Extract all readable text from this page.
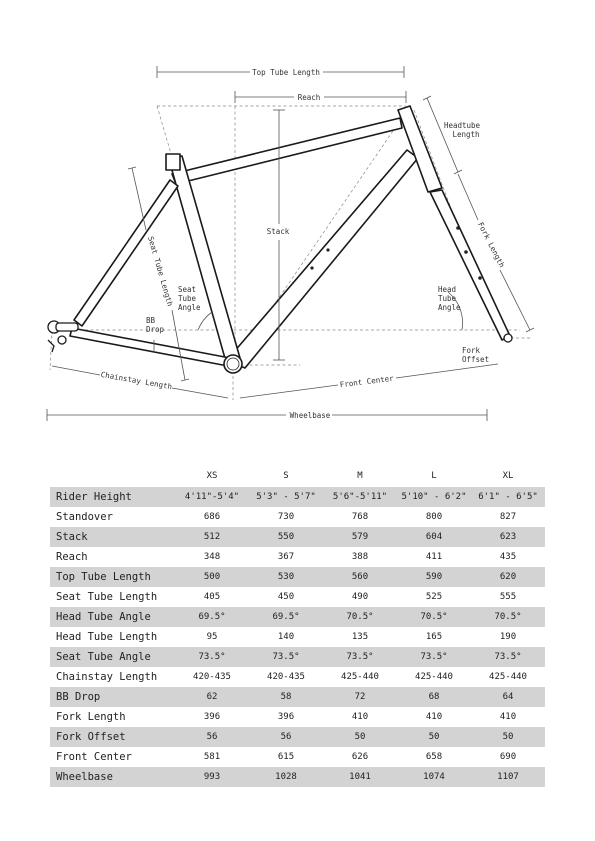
Top Tube Length
Reach
Stack
Headtube
Length
Fork Length
Seat Tube Length Seat
Tube
Angle
Head
Tube
Angle
BB
Drop
Fork
Offset
Chainstay Length	Front Center
Wheelbase
	XS	S	M	L	XL
Rider Height	4'11"-5'4"	5'3" - 5'7"	5'6"-5'11"	5'10" - 6'2"	6'1" - 6'5"
Standover	686	730	768	800	827
Stack	512	550	579	604	623
Reach	348	367	388	411	435
Top Tube Length	500	530	560	590	620
Seat Tube Length	405	450	490	525	555
Head Tube Angle	69.5°	69.5°	70.5°	70.5°	70.5°
Head Tube Length	95	140	135	165	190
Seat Tube Angle	73.5°	73.5°	73.5°	73.5°	73.5°
Chainstay Length	420-435	420-435	425-440	425-440	425-440
BB Drop	62	58	72	68	64
Fork Length	396	396	410	410	410
Fork Offset	56	56	50	50	50
Front Center	581	615	626	658	690
Wheelbase	993	1028	1041	1074	1107
